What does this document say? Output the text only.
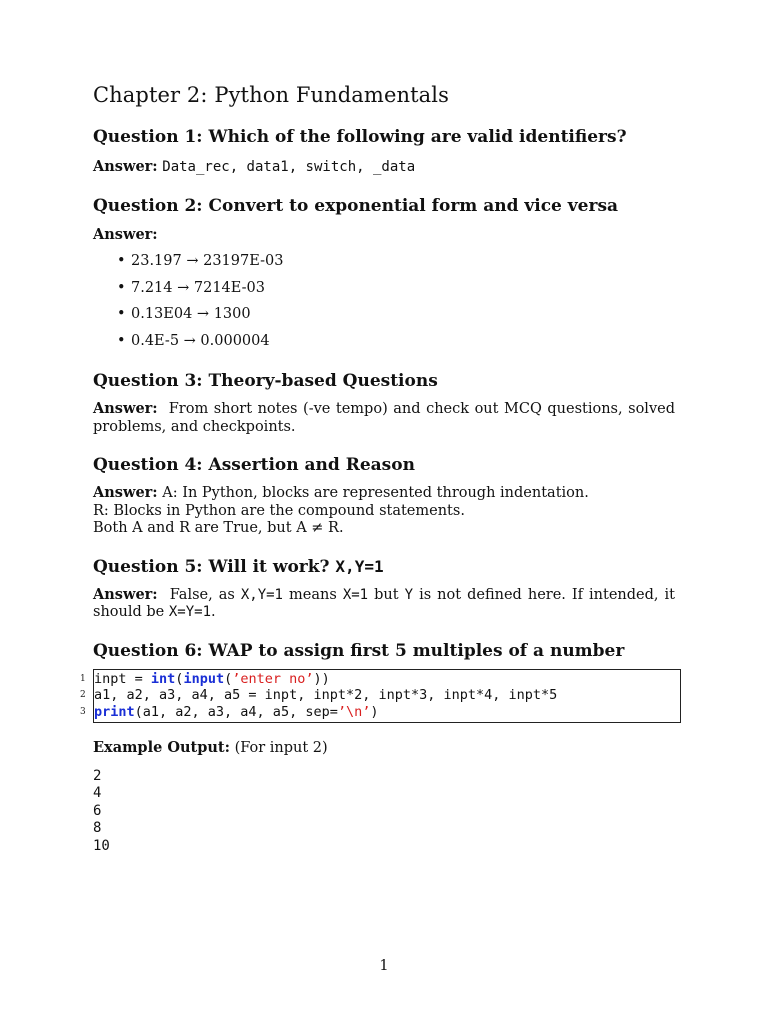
Chapter 2: Python Fundamentals
Question 1: Which of the following are valid identifiers?

Answer: Data_rec, data1, switch, _data

Question 2: Convert to exponential form and vice versa

Answer:

• 23.197 → 23197E-03
• 7.214 → 7214E-03
• 0.13E04 → 1300
• 0.4E-5 → 0.000004
Question 3: Theory-based Questions

Answer: From short notes (-ve tempo) and check out MCQ questions, solved problems, and checkpoints.

Question 4: Assertion and Reason

Answer: A: In Python, blocks are represented through indentation.
R: Blocks in Python are the compound statements.
Both A and R are True, but A ≠ R.

Question 5: Will it work? X,Y=1

Answer: False, as X,Y=1 means X=1 but Y is not defined here. If intended, it should be X=Y=1.

Question 6: WAP to assign first 5 multiples of a number
1 inpt = int(input(’enter no’))
2 a1, a2, a3, a4, a5 = inpt, inpt*2, inpt*3, inpt*4, inpt*5
3 print(a1, a2, a3, a4, a5, sep=’\n’)

Example Output: (For input 2)

2
4
6
8
10
1
